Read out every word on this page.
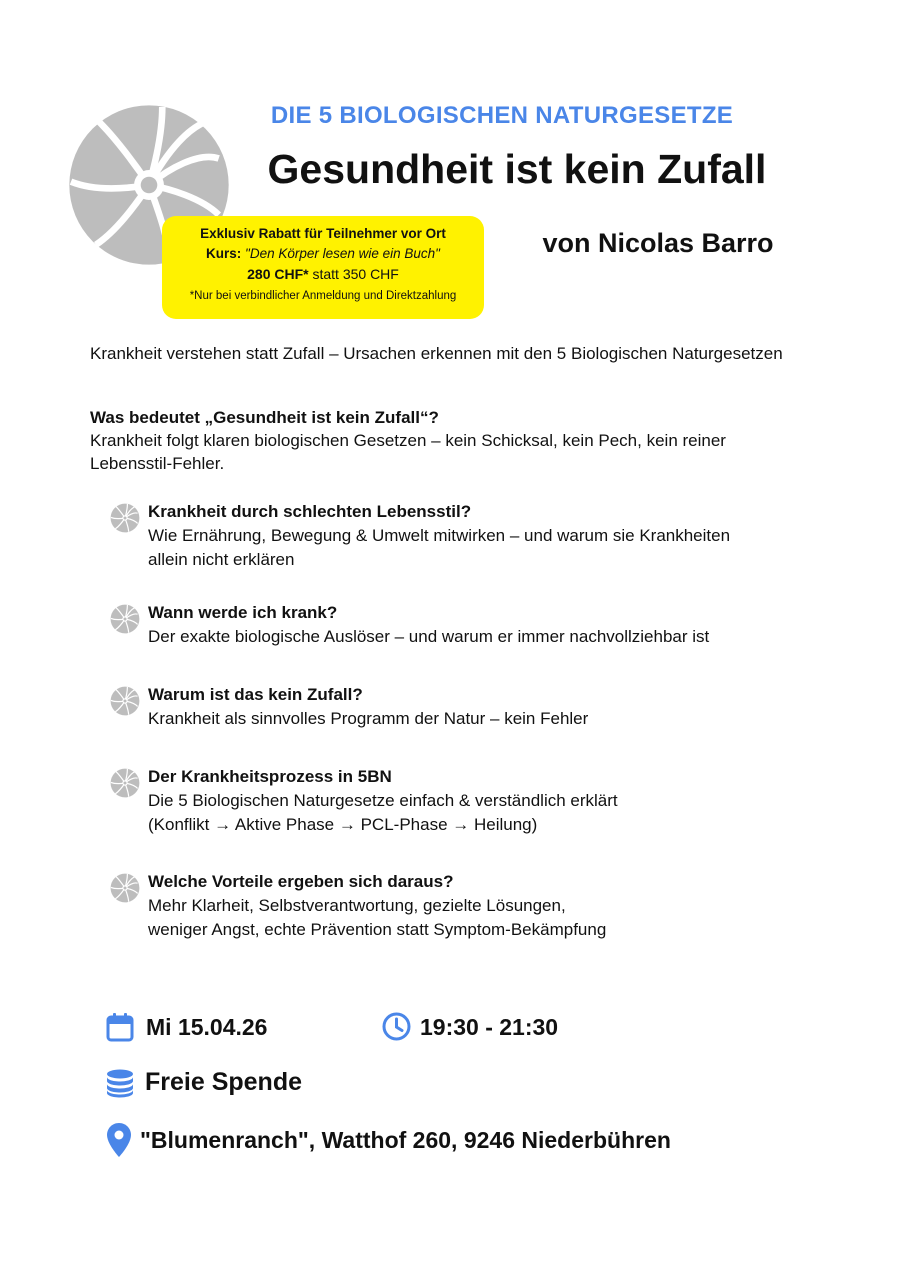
DIE 5 BIOLOGISCHEN NATURGESETZE
Gesundheit ist kein Zufall
von Nicolas Barro
Exklusiv Rabatt für Teilnehmer vor Ort
Kurs: "Den Körper lesen wie ein Buch"
280 CHF* statt 350 CHF
*Nur bei verbindlicher Anmeldung und Direktzahlung
Krankheit verstehen statt Zufall – Ursachen erkennen mit den 5 Biologischen Naturgesetzen
Was bedeutet „Gesundheit ist kein Zufall“?
Krankheit folgt klaren biologischen Gesetzen – kein Schicksal, kein Pech, kein reiner Lebensstil-Fehler.
Krankheit durch schlechten Lebensstil?
Wie Ernährung, Bewegung & Umwelt mitwirken – und warum sie Krankheiten
allein nicht erklären
Wann werde ich krank?
Der exakte biologische Auslöser – und warum er immer nachvollziehbar ist
Warum ist das kein Zufall?
Krankheit als sinnvolles Programm der Natur – kein Fehler
Der Krankheitsprozess in 5BN
Die 5 Biologischen Naturgesetze einfach & verständlich erklärt
(Konflikt → Aktive Phase → PCL-Phase → Heilung)
Welche Vorteile ergeben sich daraus?
Mehr Klarheit, Selbstverantwortung, gezielte Lösungen,
weniger Angst, echte Prävention statt Symptom-Bekämpfung
Mi 15.04.26	19:30 - 21:30
Freie Spende
"Blumenranch", Watthof 260, 9246 Niederbühren
